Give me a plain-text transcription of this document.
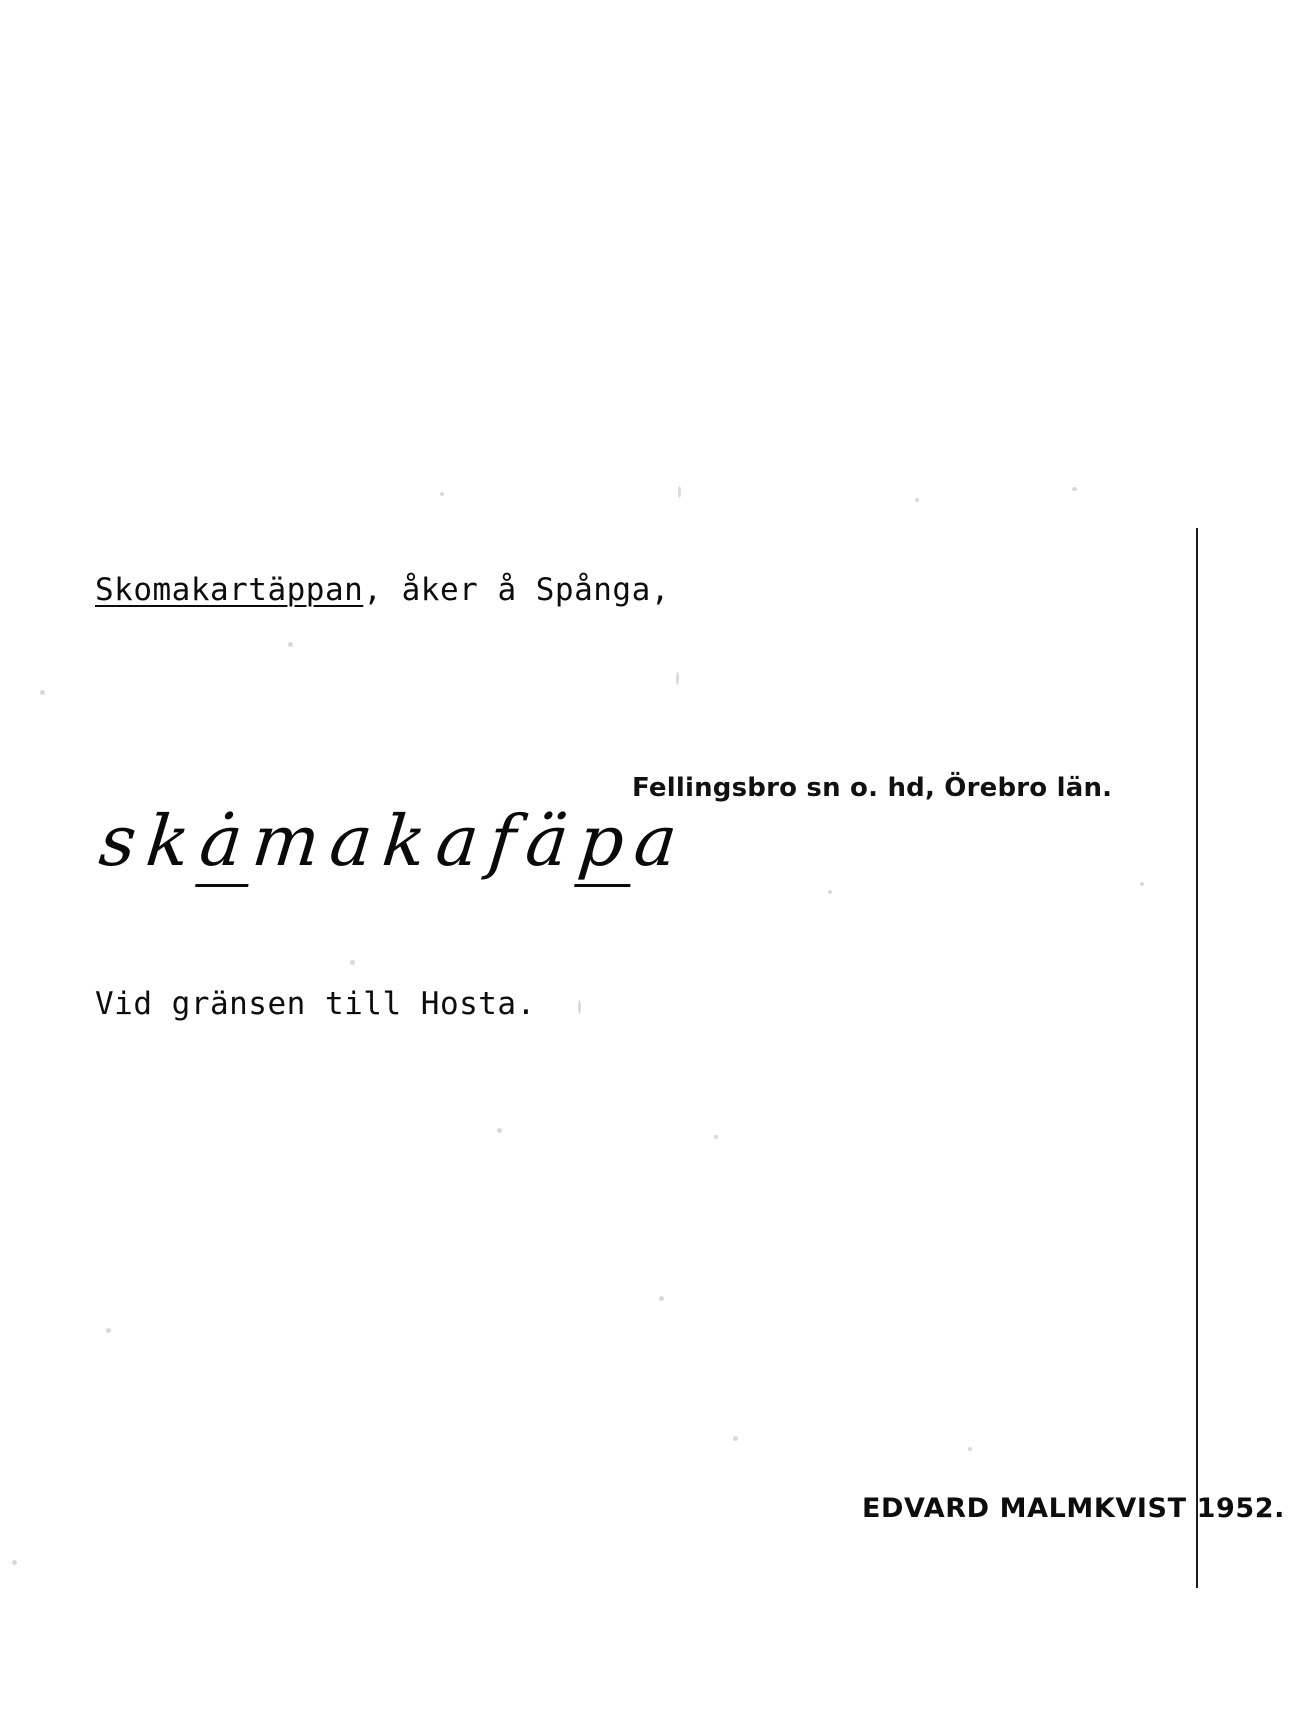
Skomakartäppan, åker å Spånga,
Fellingsbro sn o. hd, Örebro län.
skȧmakafäpa
Vid gränsen till Hosta.
EDVARD MALMKVIST 1952.
